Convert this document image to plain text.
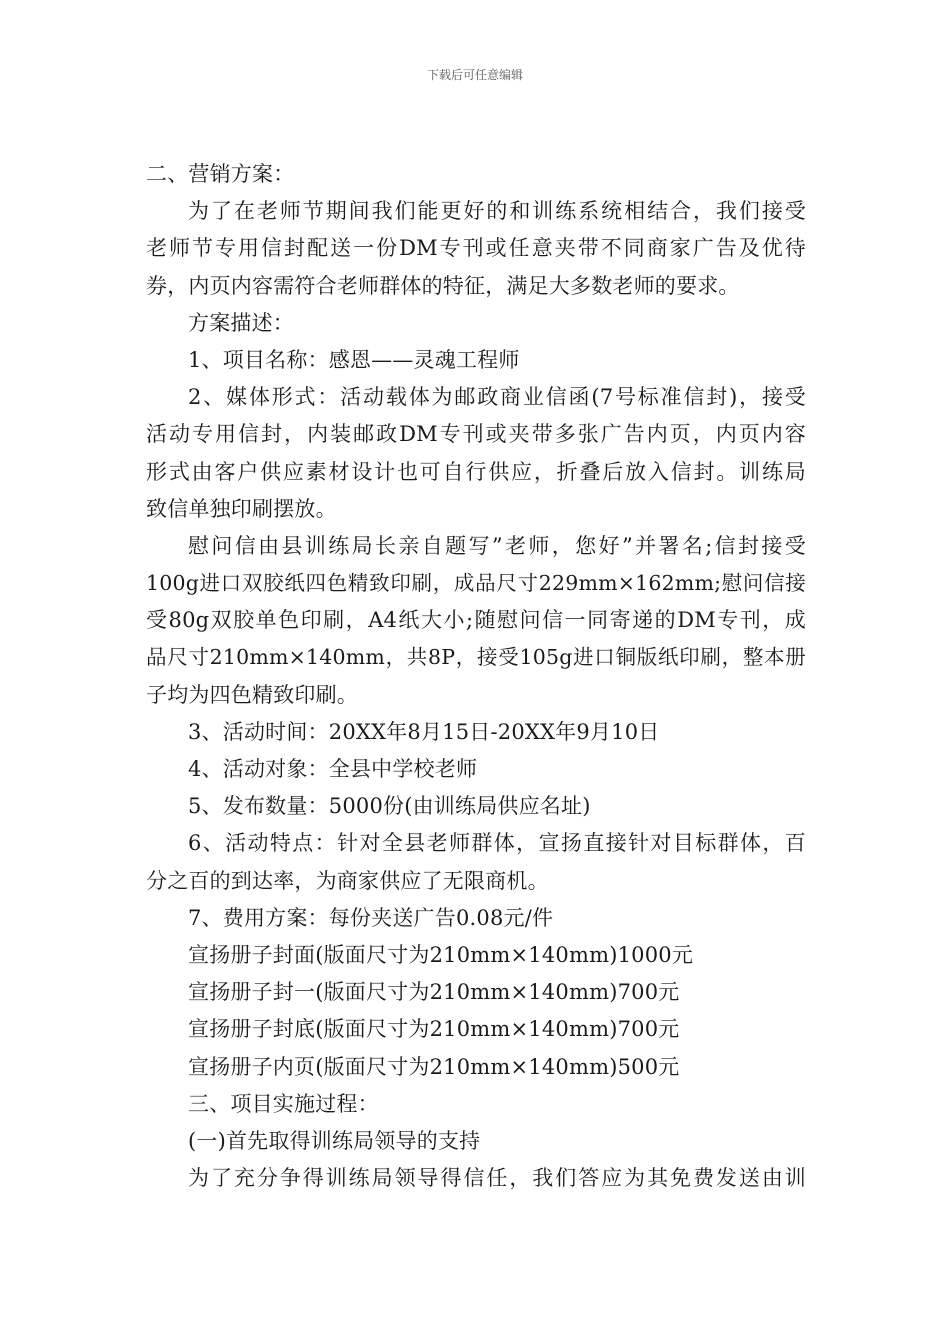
下载后可任意编辑
二、营销方案：
为了在老师节期间我们能更好的和训练系统相结合，我们接受
老师节专用信封配送一份DM专刊或任意夹带不同商家广告及优待
券，内页内容需符合老师群体的特征，满足大多数老师的要求。
方案描述：
1、项目名称：感恩——灵魂工程师
2、媒体形式：活动载体为邮政商业信函(7号标准信封)，接受
活动专用信封，内装邮政DM专刊或夹带多张广告内页，内页内容
形式由客户供应素材设计也可自行供应，折叠后放入信封。训练局
致信单独印刷摆放。
慰问信由县训练局长亲自题写”老师，您好”并署名;信封接受
100g进口双胶纸四色精致印刷，成品尺寸229mm×162mm;慰问信接
受80g双胶单色印刷，A4纸大小;随慰问信一同寄递的DM专刊，成
品尺寸210mm×140mm，共8P，接受105g进口铜版纸印刷，整本册
子均为四色精致印刷。
3、活动时间：20XX年8月15日-20XX年9月10日
4、活动对象：全县中学校老师
5、发布数量：5000份(由训练局供应名址)
6、活动特点：针对全县老师群体，宣扬直接针对目标群体，百
分之百的到达率，为商家供应了无限商机。
7、费用方案：每份夹送广告0.08元/件
宣扬册子封面(版面尺寸为210mm×140mm)1000元
宣扬册子封一(版面尺寸为210mm×140mm)700元
宣扬册子封底(版面尺寸为210mm×140mm)700元
宣扬册子内页(版面尺寸为210mm×140mm)500元
三、项目实施过程：
(一)首先取得训练局领导的支持
为了充分争得训练局领导得信任，我们答应为其免费发送由训
